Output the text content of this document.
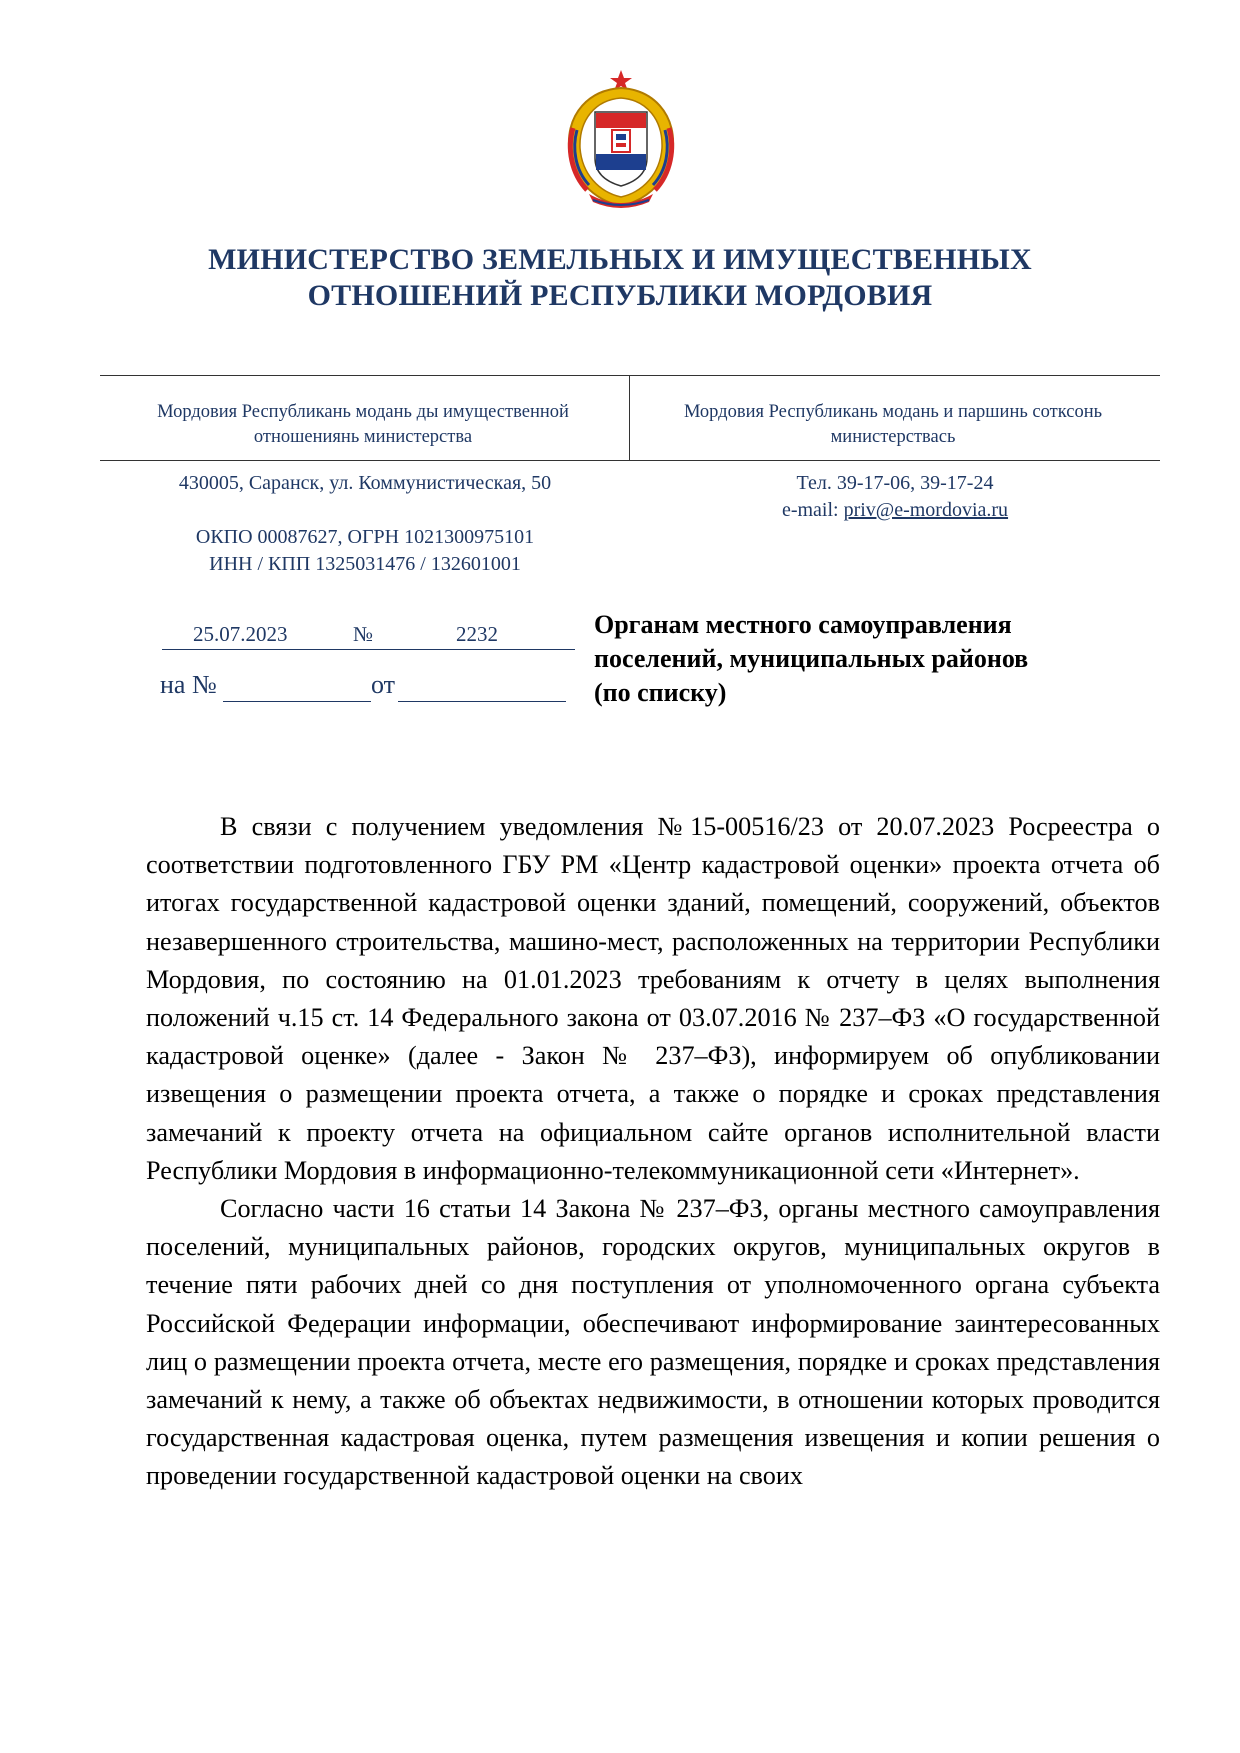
МИНИСТЕРСТВО ЗЕМЕЛЬНЫХ И ИМУЩЕСТВЕННЫХ
ОТНОШЕНИЙ РЕСПУБЛИКИ МОРДОВИЯ
Мордовия Республикань модань ды имущественной
отношениянь министерства
Мордовия Республикань модань и паршинь сотксонь
министерствась
430005, Саранск, ул. Коммунистическая, 50
ОКПО 00087627, ОГРН 1021300975101
ИНН / КПП 1325031476 / 132601001
Тел. 39-17-06, 39-17-24
e-mail: priv@e-mordovia.ru
25.07.2023	№	2232
на №	от
Органам местного самоуправления
поселений, муниципальных районов
(по списку)

В связи с получением уведомления №15-00516/23 от 20.07.2023 Росреестра о соответствии подготовленного ГБУ РМ «Центр кадастровой оценки» проекта отчета об итогах государственной кадастровой оценки зданий, помещений, сооружений, объектов незавершенного строительства, машино-мест, расположенных на территории Республики Мордовия, по состоянию на 01.01.2023 требованиям к отчету в целях выполнения положений ч.15 ст. 14 Федерального закона от 03.07.2016 № 237–ФЗ «О государственной кадастровой оценке» (далее - Закон № 237–ФЗ), информируем об опубликовании извещения о размещении проекта отчета, а также о порядке и сроках представления замечаний к проекту отчета на официальном сайте органов исполнительной власти Республики Мордовия в информационно-телекоммуникационной сети «Интернет».

Согласно части 16 статьи 14 Закона № 237–ФЗ, органы местного самоуправления поселений, муниципальных районов, городских округов, муниципальных округов в течение пяти рабочих дней со дня поступления от уполномоченного органа субъекта Российской Федерации информации, обеспечивают информирование заинтересованных лиц о размещении проекта отчета, месте его размещения, порядке и сроках представления замечаний к нему, а также об объектах недвижимости, в отношении которых проводится государственная кадастровая оценка, путем размещения извещения и копии решения о проведении государственной кадастровой оценки на своих
